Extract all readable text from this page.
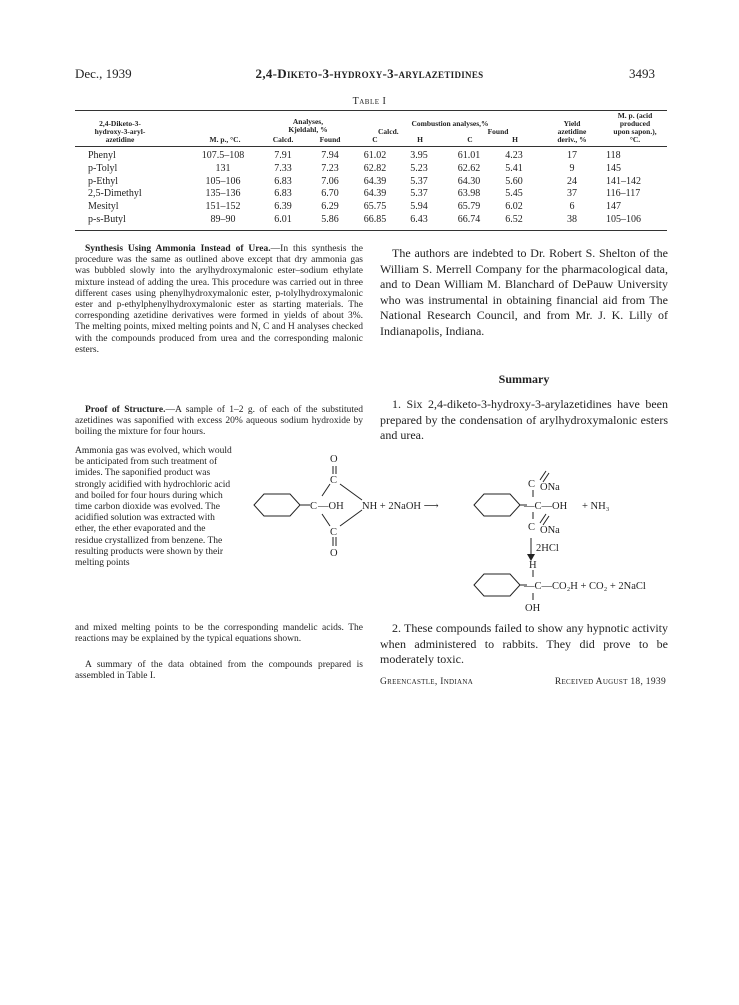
Dec., 1939	2,4-Diketo-3-hydroxy-3-arylazetidines	3493
Table I
2,4-Diketo-3-
hydroxy-3-aryl-
azetidine	M. p., °C.
Analyses,
Kjeldahl, %
Calcd.	Found
Combustion analyses,%
Calcd.	Found
C	H	C	H
Yield
azetidine
deriv., %
M. p. (acid
produced
upon sapon.),
°C.
Phenyl	107.5–108	7.91	7.94	61.02	3.95	61.01	4.23	17	118
p-Tolyl	131	7.33	7.23	62.82	5.23	62.62	5.41	9	145
p-Ethyl	105–106	6.83	7.06	64.39	5.37	64.30	5.60	24	141–142
2,5-Dimethyl	135–136	6.83	6.70	64.39	5.37	63.98	5.45	37	116–117
Mesityl	151–152	6.39	6.29	65.75	5.94	65.79	6.02	6	147
p-s-Butyl	89–90	6.01	5.86	66.85	6.43	66.74	6.52	38	105–106
Synthesis Using Ammonia Instead of Urea.—In this synthesis the procedure was the same as outlined above except that dry ammonia gas was bubbled slowly into the arylhydroxymalonic ester–sodium ethylate mixture instead of adding the urea. This procedure was carried out in three different cases using phenylhydroxymalonic ester, p-tolylhydroxymalonic ester and p-ethylphenylhydroxymalonic ester as starting materials. The corresponding azetidine derivatives were formed in yields of about 3%. The melting points, mixed melting points and N, C and H analyses checked with the compounds produced from urea and the corresponding malonic esters.
Proof of Structure.—A sample of 1–2 g. of each of the substituted azetidines was saponified with excess 20% aqueous sodium hydroxide by boiling the mixture for four hours.
Ammonia gas was evolved, which would be anticipated from such treatment of imides. The saponified product was strongly acidified with hydrochloric acid and boiled for four hours during which time carbon dioxide was evolved. The acidified solution was extracted with ether, the ether evaporated and the residue crystallized from benzene. The resulting products were shown by their melting points
and mixed melting points to be the corresponding mandelic acids. The reactions may be explained by the typical equations shown.
A summary of the data obtained from the compounds prepared is assembled in Table I.
The authors are indebted to Dr. Robert S. Shelton of the William S. Merrell Company for the pharmacological data, and to Dean William M. Blanchard of DePauw University who was instrumental in obtaining financial aid from The National Research Council, and from Mr. J. K. Lilly of Indianapolis, Indiana.
Summary
1. Six 2,4-diketo-3-hydroxy-3-arylazetidines have been prepared by the condensation of arylhydroxymalonic esters and urea.
2. These compounds failed to show any hypnotic activity when administered to rabbits. They did prove to be moderately toxic.
O
C
C —OH
C
O
NH + 2NaOH ⟶
C ONa
—C—OH + NH₃
C ONa
2HCl
H
—C—CO₂H + CO₂ + 2NaCl
OH
Greencastle, Indiana	Received August 18, 1939
